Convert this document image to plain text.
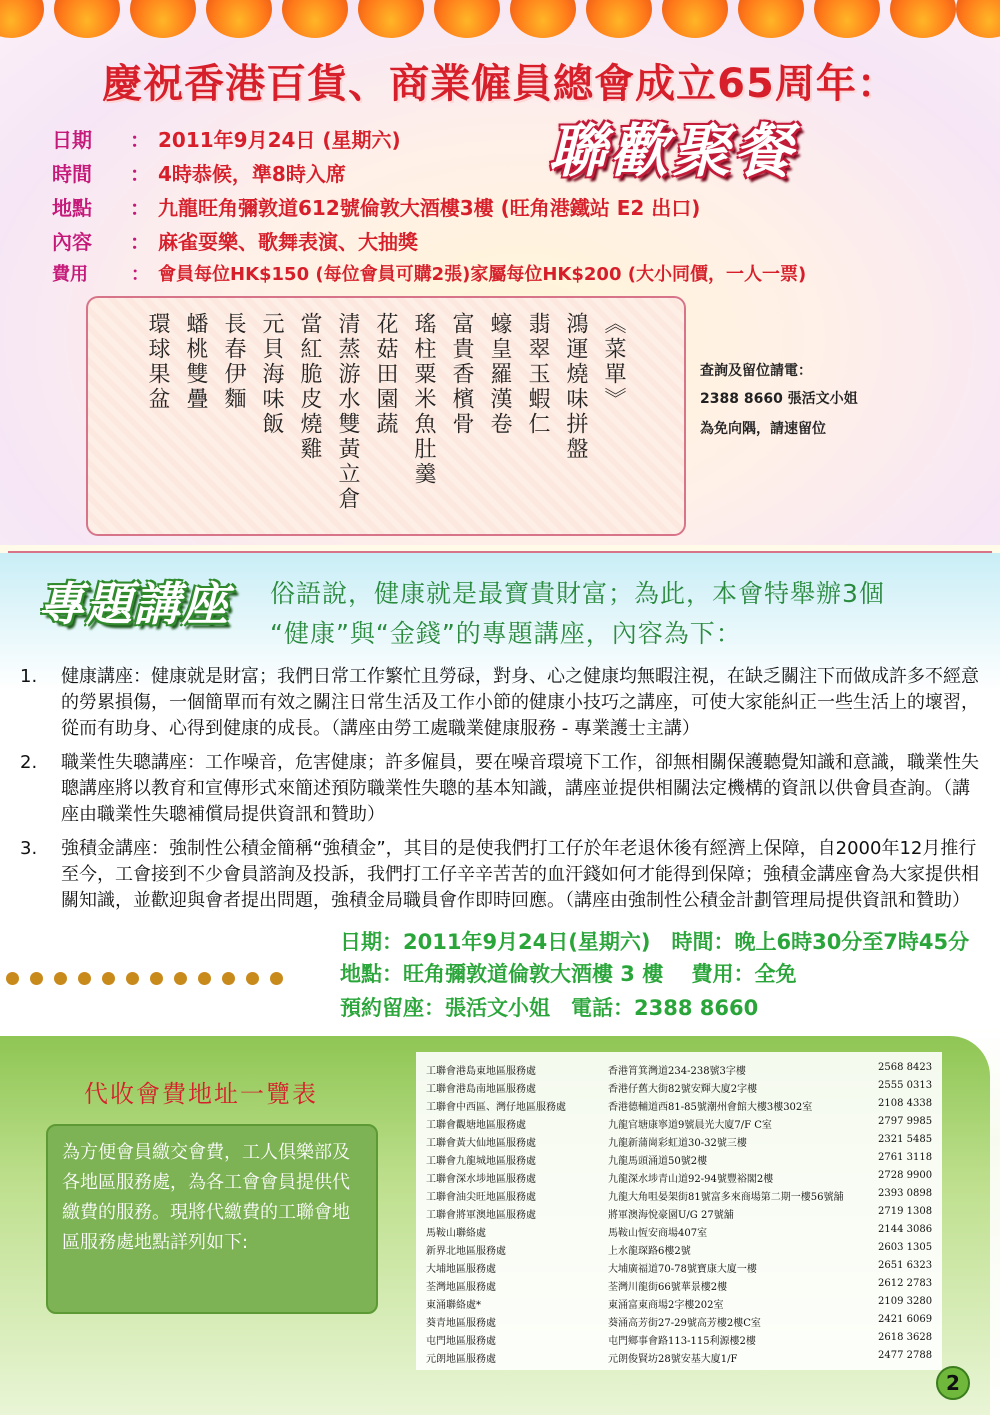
慶祝香港百貨、商業僱員總會成立65周年：
聯歡聚餐
日期 ： 2011年9月24日 (星期六)
時間 ： 4時恭候，準8時入席
地點 ： 九龍旺角彌敦道612號倫敦大酒樓3樓 (旺角港鐵站 E2 出口)
內容 ： 麻雀耍樂、歌舞表演、大抽獎
費用 ： 會員每位HK$150 (每位會員可購2張)家屬每位HK$200 (大小同價，一人一票)
《菜單》
鴻運燒味拼盤
翡翠玉蝦仁
蠔皇羅漢卷
富貴香檳骨
瑤柱粟米魚肚羹
花菇田園蔬
清蒸游水雙黃立倉
當紅脆皮燒雞
元貝海味飯
長春伊麵
蟠桃雙疊
環球果盆	查詢及留位請電：
2388 8660 張活文小姐
為免向隅，請速留位
專題講座	俗語說，健康就是最寶貴財富；為此，本會特舉辦3個
“健康”與“金錢”的專題講座，內容為下：
1.	健康講座：健康就是財富；我們日常工作繁忙且勞碌，對身、心之健康均無暇注視，在缺乏關注下而做成許多不經意的勞累損傷，一個簡單而有效之關注日常生活及工作小節的健康小技巧之講座，可使大家能糾正一些生活上的壞習，從而有助身、心得到健康的成長。（講座由勞工處職業健康服務 - 專業護士主講）
2.	職業性失聰講座：工作噪音，危害健康；許多僱員，要在噪音環境下工作，卻無相關保護聽覺知識和意識，職業性失聰講座將以教育和宣傳形式來簡述預防職業性失聰的基本知識，講座並提供相關法定機構的資訊以供會員查詢。（講座由職業性失聰補償局提供資訊和贊助）
3.	強積金講座：強制性公積金簡稱“強積金”，其目的是使我們打工仔於年老退休後有經濟上保障，自2000年12月推行至今，工會接到不少會員諮詢及投訴，我們打工仔辛辛苦苦的血汗錢如何才能得到保障；強積金講座會為大家提供相關知識，並歡迎與會者提出問題，強積金局職員會作即時回應。（講座由強制性公積金計劃管理局提供資訊和贊助）
日期：2011年9月24日(星期六)　時間：晚上6時30分至7時45分
地點：旺角彌敦道倫敦大酒樓 3 樓　 費用：全免
預約留座：張活文小姐　電話：2388 8660
代收會費地址一覽表
為方便會員繳交會費，工人俱樂部及各地區服務處，為各工會會員提供代繳費的服務。現將代繳費的工聯會地區服務處地點詳列如下:
工聯會港島東地區服務處	香港筲箕灣道234-238號3字樓	2568 8423
工聯會港島南地區服務處	香港仔舊大街82號安輝大廈2字樓	2555 0313
工聯會中西區、灣仔地區服務處	香港德輔道西81-85號潮州會館大樓3樓302室	2108 4338
工聯會觀塘地區服務處	九龍官塘康寧道9號晨光大廈7/F C室	2797 9985
工聯會黃大仙地區服務處	九龍新蒲崗彩虹道30-32號三樓	2321 5485
工聯會九龍城地區服務處	九龍馬頭涌道50號2樓	2761 3118
工聯會深水埗地區服務處	九龍深水埗青山道92-94號豐裕閣2樓	2728 9900
工聯會油尖旺地區服務處	九龍大角咀晏架街81號富多來商場第二期一樓56號舖	2393 0898
工聯會將軍澳地區服務處	將軍澳海悅豪園U/G 27號舖	2719 1308
馬鞍山聯絡處	馬鞍山恆安商場407室	2144 3086
新界北地區服務處	上水龍琛路6樓2號	2603 1305
大埔地區服務處	大埔廣福道70-78號寶康大廈一樓	2651 6323
荃灣地區服務處	荃灣川龍街66號華景樓2樓	2612 2783
東涌聯絡處*	東涌富東商場2字樓202室	2109 3280
葵青地區服務處	葵涌高芳街27-29號高芳樓2樓C室	2421 6069
屯門地區服務處	屯門鄉事會路113-115利源樓2樓	2618 3628
元朗地區服務處	元朗俊賢坊28號安基大廈1/F	2477 2788
2
